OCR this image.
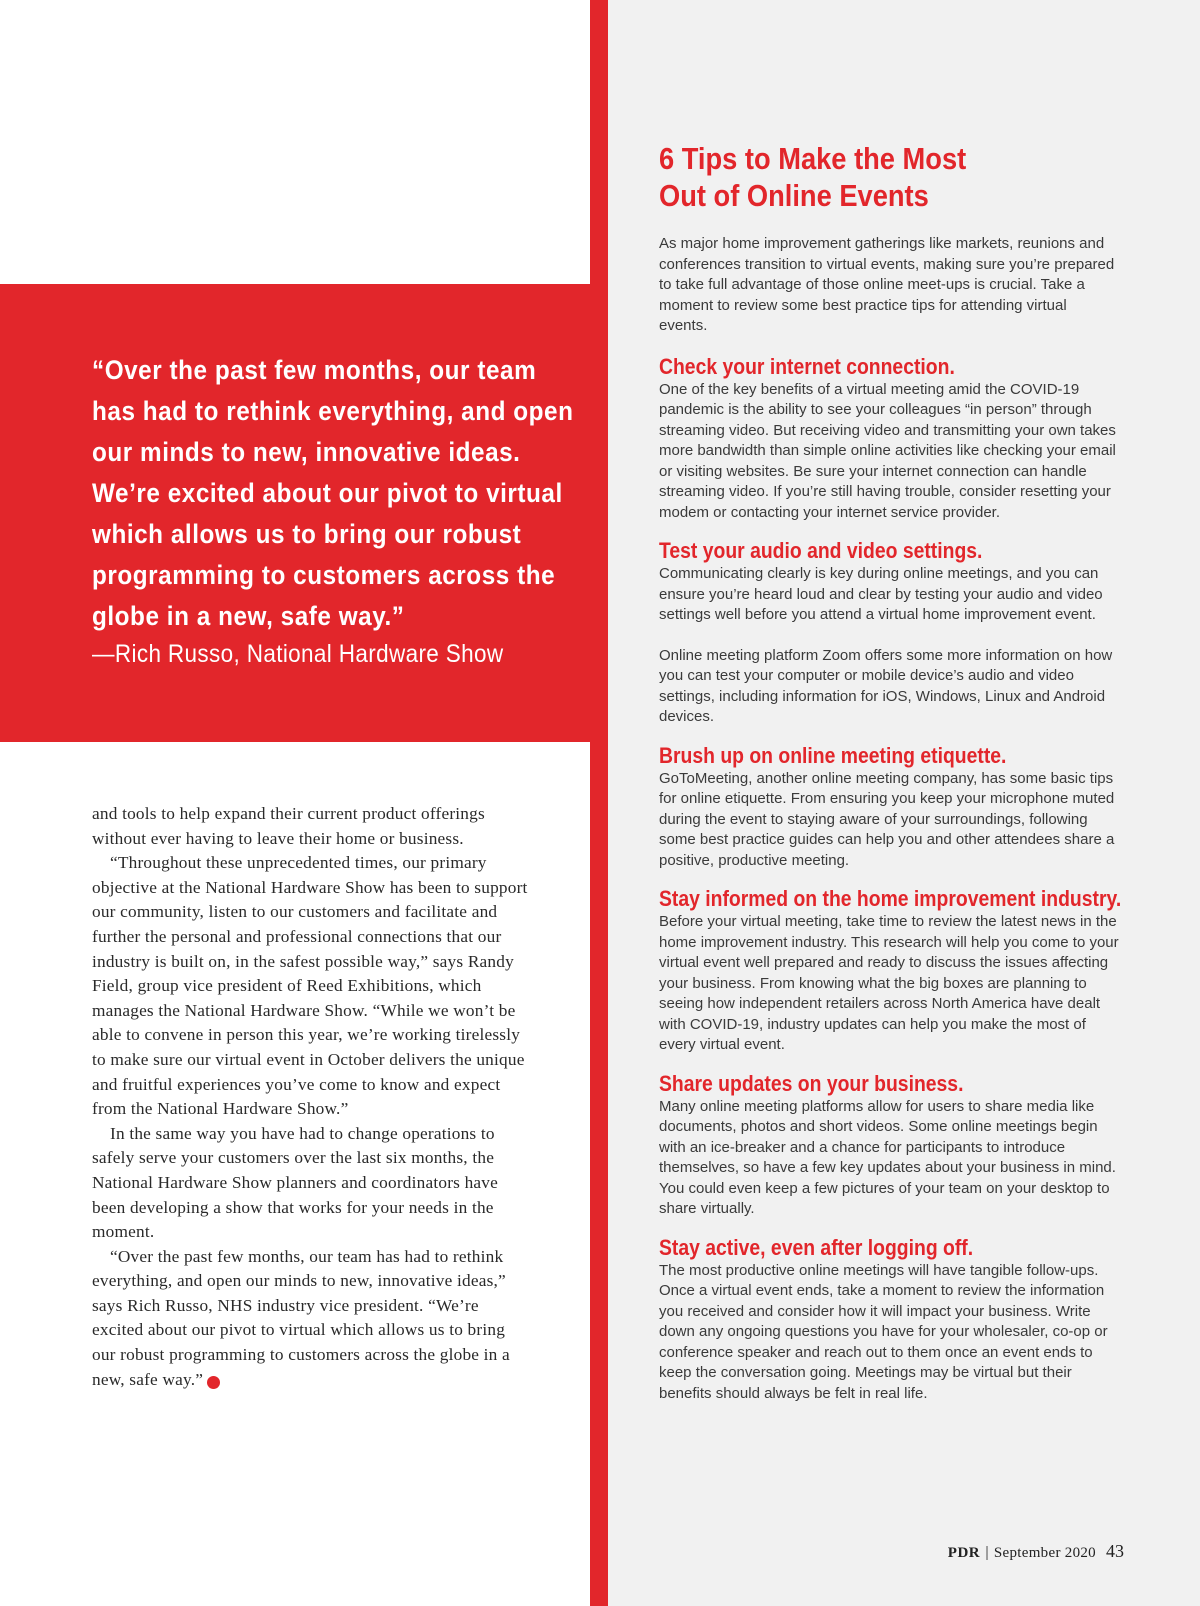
“Over the past few months, our team has had to rethink everything, and open our minds to new, innovative ideas. We’re excited about our pivot to virtual which allows us to bring our robust programming to customers across the globe in a new, safe way.”
—Rich Russo, National Hardware Show

and tools to help expand their current product offerings without ever having to leave their home or business.

“Throughout these unprecedented times, our primary objective at the National Hardware Show has been to support our community, listen to our customers and facilitate and further the personal and professional connections that our industry is built on, in the safest possible way,” says Randy Field, group vice president of Reed Exhibitions, which manages the National Hardware Show. “While we won’t be able to convene in person this year, we’re working tirelessly to make sure our virtual event in October delivers the unique and fruitful experiences you’ve come to know and expect from the National Hardware Show.”

In the same way you have had to change operations to safely serve your customers over the last six months, the National Hardware Show planners and coordinators have been developing a show that works for your needs in the moment.

“Over the past few months, our team has had to rethink everything, and open our minds to new, innovative ideas,” says Rich Russo, NHS industry vice president. “We’re excited about our pivot to virtual which allows us to bring our robust programming to customers across the globe in a new, safe way.” ◀

6 Tips to Make the Most
Out of Online Events

As major home improvement gatherings like markets, reunions and conferences transition to virtual events, making sure you’re prepared to take full advantage of those online meet-ups is crucial. Take a moment to review some best practice tips for attending virtual events.

Check your internet connection.

One of the key benefits of a virtual meeting amid the COVID-19 pandemic is the ability to see your colleagues “in person” through streaming video. But receiving video and transmitting your own takes more bandwidth than simple online activities like checking your email or visiting websites. Be sure your internet connection can handle streaming video. If you’re still having trouble, consider resetting your modem or contacting your internet service provider.

Test your audio and video settings.

Communicating clearly is key during online meetings, and you can ensure you’re heard loud and clear by testing your audio and video settings well before you attend a virtual home improvement event.

Online meeting platform Zoom offers some more information on how you can test your computer or mobile device’s audio and video settings, including information for iOS, Windows, Linux and Android devices.

Brush up on online meeting etiquette.

GoToMeeting, another online meeting company, has some basic tips for online etiquette. From ensuring you keep your microphone muted during the event to staying aware of your surroundings, following some best practice guides can help you and other attendees share a positive, productive meeting.

Stay informed on the home improvement industry.

Before your virtual meeting, take time to review the latest news in the home improvement industry. This research will help you come to your virtual event well prepared and ready to discuss the issues affecting your business. From knowing what the big boxes are planning to seeing how independent retailers across North America have dealt with COVID-19, industry updates can help you make the most of every virtual event.

Share updates on your business.

Many online meeting platforms allow for users to share media like documents, photos and short videos. Some online meetings begin with an ice-breaker and a chance for participants to introduce themselves, so have a few key updates about your business in mind. You could even keep a few pictures of your team on your desktop to share virtually.

Stay active, even after logging off.

The most productive online meetings will have tangible follow-ups. Once a virtual event ends, take a moment to review the information you received and consider how it will impact your business. Write down any ongoing questions you have for your wholesaler, co-op or conference speaker and reach out to them once an event ends to keep the conversation going. Meetings may be virtual but their benefits should always be felt in real life.

PDR | September 2020 43
